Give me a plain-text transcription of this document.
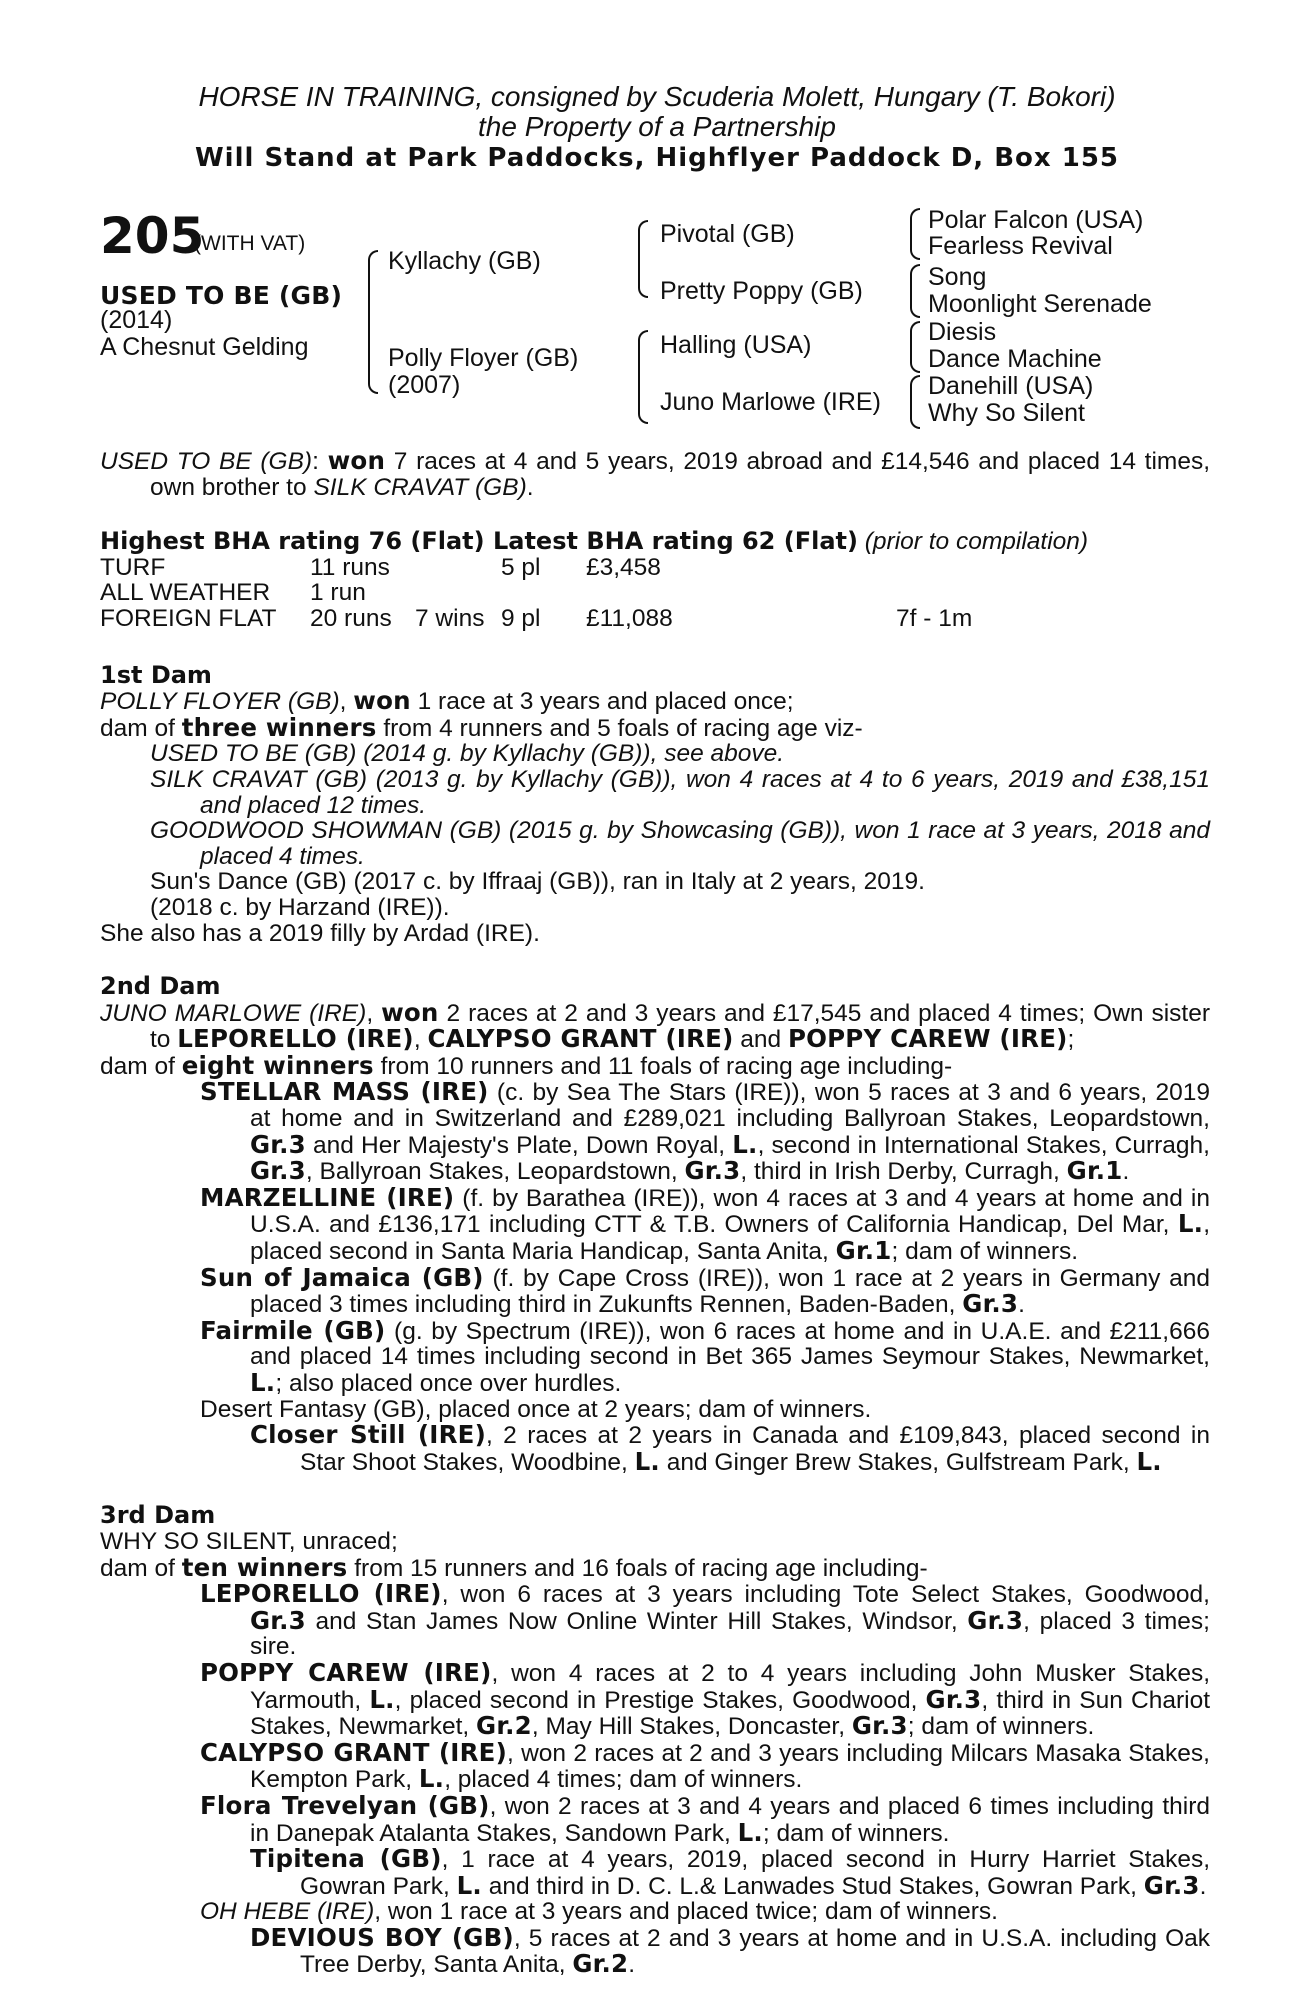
HORSE IN TRAINING, consigned by Scuderia Molett, Hungary (T. Bokori)
the Property of a Partnership
Will Stand at Park Paddocks, Highflyer Paddock D, Box 155
205
(WITH VAT)
USED TO BE (GB)
(2014)
A Chesnut Gelding
Kyllachy (GB)
Polly Floyer (GB)
(2007)
Pivotal (GB)
Pretty Poppy (GB)
Halling (USA)
Juno Marlowe (IRE)
Polar Falcon (USA)
Fearless Revival
Song
Moonlight Serenade
Diesis
Dance Machine
Danehill (USA)
Why So Silent

USED TO BE (GB): won 7 races at 4 and 5 years, 2019 abroad and £14,546 and placed 14 times, own brother to SILK CRAVAT (GB).

Highest BHA rating 76 (Flat) Latest BHA rating 62 (Flat) (prior to compilation)

TURF	11 runs		5 pl	£3,458	
ALL WEATHER	1 run				
FOREIGN FLAT	20 runs	7 wins	9 pl	£11,088	7f - 1m

1st Dam

POLLY FLOYER (GB), won 1 race at 3 years and placed once;

dam of three winners from 4 runners and 5 foals of racing age viz-

USED TO BE (GB) (2014 g. by Kyllachy (GB)), see above.

SILK CRAVAT (GB) (2013 g. by Kyllachy (GB)), won 4 races at 4 to 6 years, 2019 and £38,151 and placed 12 times.

GOODWOOD SHOWMAN (GB) (2015 g. by Showcasing (GB)), won 1 race at 3 years, 2018 and placed 4 times.

Sun's Dance (GB) (2017 c. by Iffraaj (GB)), ran in Italy at 2 years, 2019.

(2018 c. by Harzand (IRE)).

She also has a 2019 filly by Ardad (IRE).

2nd Dam

JUNO MARLOWE (IRE), won 2 races at 2 and 3 years and £17,545 and placed 4 times; Own sister to LEPORELLO (IRE), CALYPSO GRANT (IRE) and POPPY CAREW (IRE);

dam of eight winners from 10 runners and 11 foals of racing age including-

STELLAR MASS (IRE) (c. by Sea The Stars (IRE)), won 5 races at 3 and 6 years, 2019 at home and in Switzerland and £289,021 including Ballyroan Stakes, Leopardstown, Gr.3 and Her Majesty's Plate, Down Royal, L., second in International Stakes, Curragh, Gr.3, Ballyroan Stakes, Leopardstown, Gr.3, third in Irish Derby, Curragh, Gr.1.

MARZELLINE (IRE) (f. by Barathea (IRE)), won 4 races at 3 and 4 years at home and in U.S.A. and £136,171 including CTT & T.B. Owners of California Handicap, Del Mar, L., placed second in Santa Maria Handicap, Santa Anita, Gr.1; dam of winners.

Sun of Jamaica (GB) (f. by Cape Cross (IRE)), won 1 race at 2 years in Germany and placed 3 times including third in Zukunfts Rennen, Baden-Baden, Gr.3.

Fairmile (GB) (g. by Spectrum (IRE)), won 6 races at home and in U.A.E. and £211,666 and placed 14 times including second in Bet 365 James Seymour Stakes, Newmarket, L.; also placed once over hurdles.

Desert Fantasy (GB), placed once at 2 years; dam of winners.

Closer Still (IRE), 2 races at 2 years in Canada and £109,843, placed second in Star Shoot Stakes, Woodbine, L. and Ginger Brew Stakes, Gulfstream Park, L.

3rd Dam

WHY SO SILENT, unraced;

dam of ten winners from 15 runners and 16 foals of racing age including-

LEPORELLO (IRE), won 6 races at 3 years including Tote Select Stakes, Goodwood, Gr.3 and Stan James Now Online Winter Hill Stakes, Windsor, Gr.3, placed 3 times; sire.

POPPY CAREW (IRE), won 4 races at 2 to 4 years including John Musker Stakes, Yarmouth, L., placed second in Prestige Stakes, Goodwood, Gr.3, third in Sun Chariot Stakes, Newmarket, Gr.2, May Hill Stakes, Doncaster, Gr.3; dam of winners.

CALYPSO GRANT (IRE), won 2 races at 2 and 3 years including Milcars Masaka Stakes, Kempton Park, L., placed 4 times; dam of winners.

Flora Trevelyan (GB), won 2 races at 3 and 4 years and placed 6 times including third in Danepak Atalanta Stakes, Sandown Park, L.; dam of winners.

Tipitena (GB), 1 race at 4 years, 2019, placed second in Hurry Harriet Stakes, Gowran Park, L. and third in D. C. L.& Lanwades Stud Stakes, Gowran Park, Gr.3.

OH HEBE (IRE), won 1 race at 3 years and placed twice; dam of winners.

DEVIOUS BOY (GB), 5 races at 2 and 3 years at home and in U.S.A. including Oak Tree Derby, Santa Anita, Gr.2.
